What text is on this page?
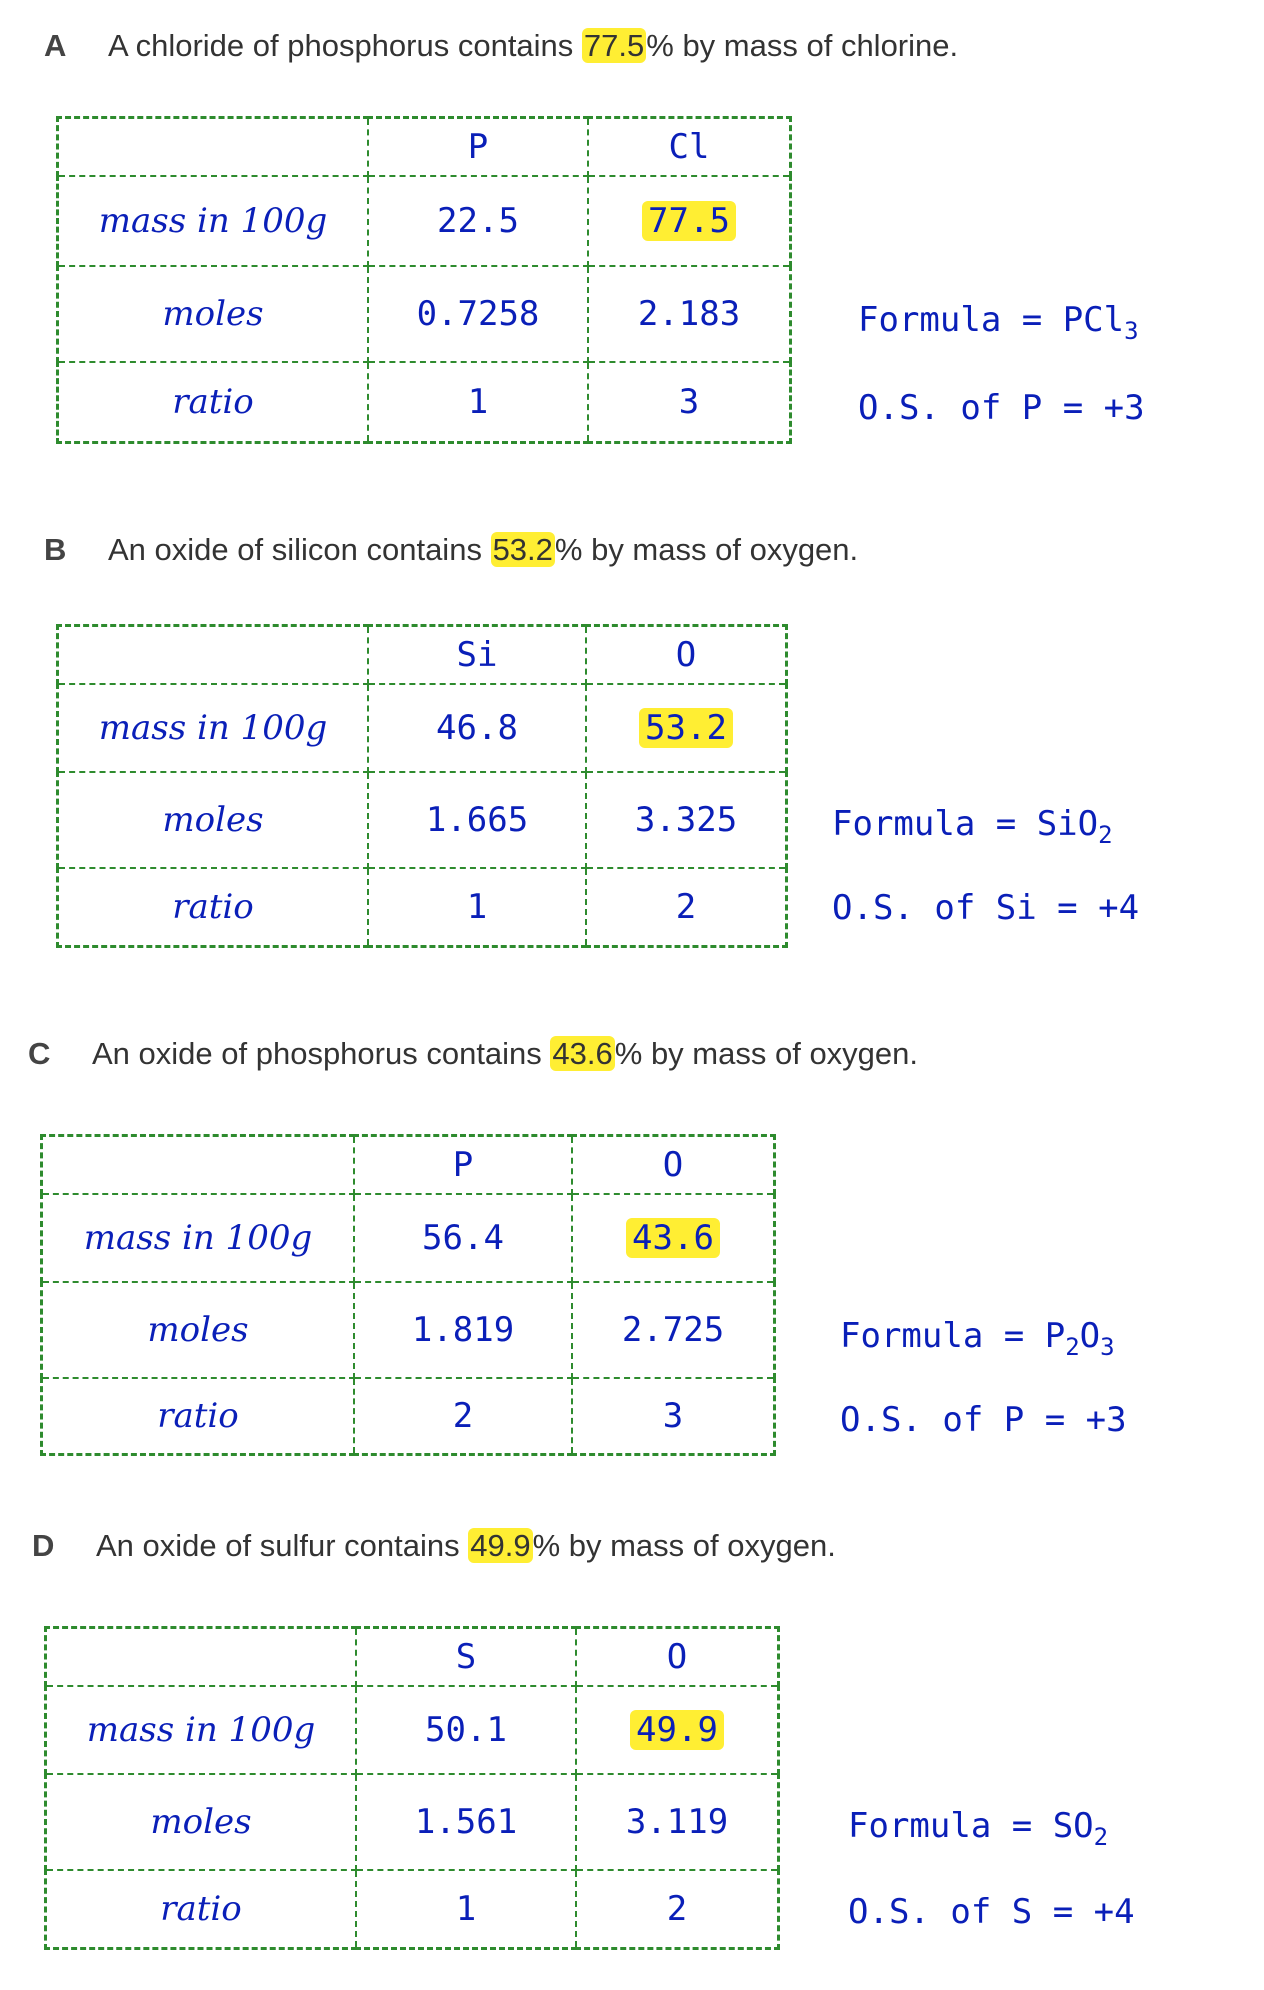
A A chloride of phosphorus contains 77.5% by mass of chlorine.
	P	Cl
mass in 100g	22.5	77.5
moles	0.7258	2.183
ratio	1	3
Formula = PCl$_3$
O.S. of P = +3
B An oxide of silicon contains 53.2% by mass of oxygen.
	Si	O
mass in 100g	46.8	53.2
moles	1.665	3.325
ratio	1	2
Formula = SiO$_2$
O.S. of Si = +4
C An oxide of phosphorus contains 43.6% by mass of oxygen.
	P	O
mass in 100g	56.4	43.6
moles	1.819	2.725
ratio	2	3
Formula = $P_2O_3$
O.S. of P = +3
D An oxide of sulfur contains 49.9% by mass of oxygen.
	S	O
mass in 100g	50.1	49.9
moles	1.561	3.119
ratio	1	2
Formula = $SO_2$
O.S. of S = +4
